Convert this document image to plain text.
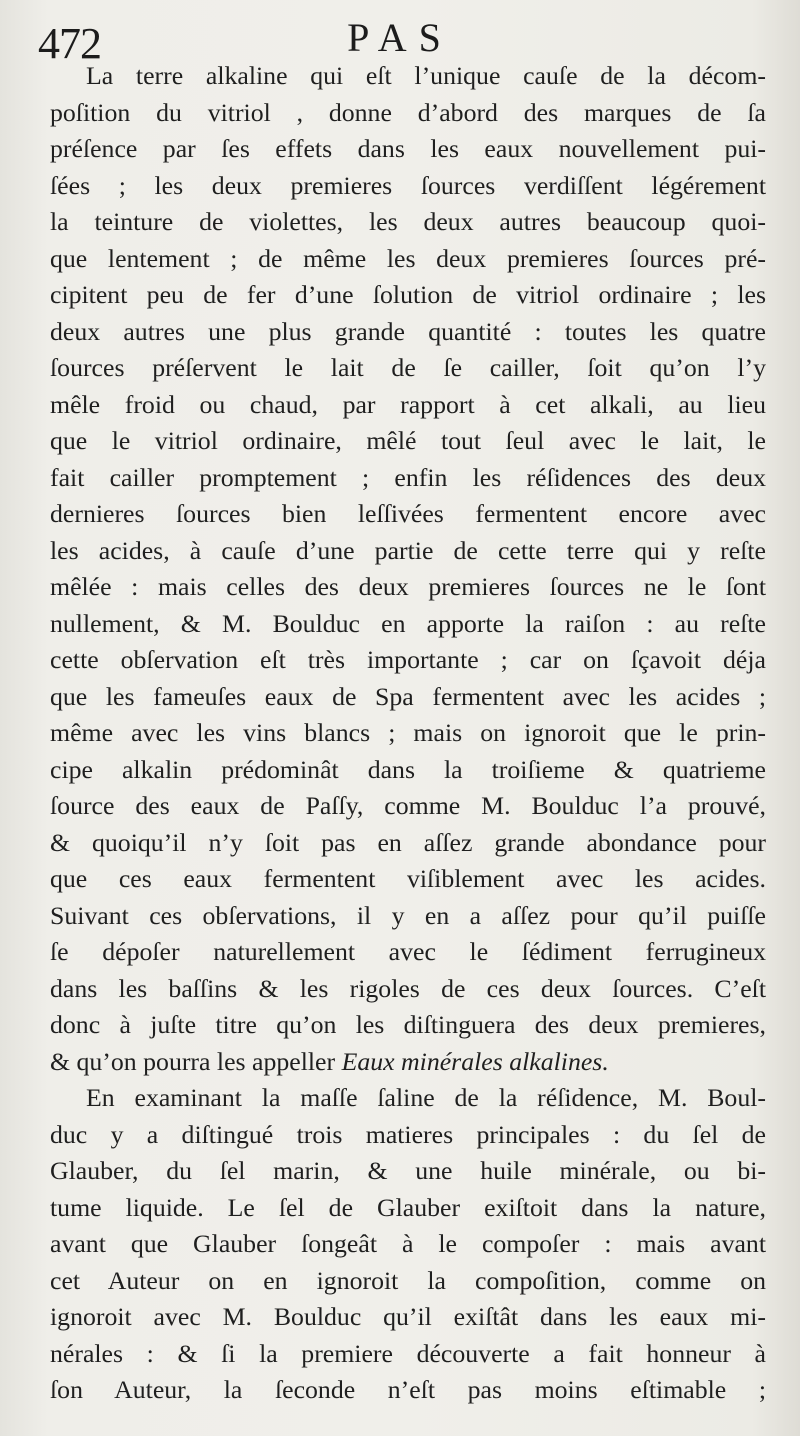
472	PAS
La terre alkaline qui eſt l’unique cauſe de la décom-
poſition du vitriol , donne d’abord des marques de ſa
préſence par ſes effets dans les eaux nouvellement pui-
ſées ; les deux premieres ſources verdiſſent légérement
la teinture de violettes, les deux autres beaucoup quoi-
que lentement ; de même les deux premieres ſources pré-
cipitent peu de fer d’une ſolution de vitriol ordinaire ; les
deux autres une plus grande quantité : toutes les quatre
ſources préſervent le lait de ſe cailler, ſoit qu’on l’y
mêle froid ou chaud, par rapport à cet alkali, au lieu
que le vitriol ordinaire, mêlé tout ſeul avec le lait, le
fait cailler promptement ; enfin les réſidences des deux
dernieres ſources bien leſſivées fermentent encore avec
les acides, à cauſe d’une partie de cette terre qui y reſte
mêlée : mais celles des deux premieres ſources ne le ſont
nullement, & M. Boulduc en apporte la raiſon : au reſte
cette obſervation eſt très importante ; car on ſçavoit déja
que les fameuſes eaux de Spa fermentent avec les acides ;
même avec les vins blancs ; mais on ignoroit que le prin-
cipe alkalin prédominât dans la troiſieme & quatrieme
ſource des eaux de Paſſy, comme M. Boulduc l’a prouvé,
& quoiqu’il n’y ſoit pas en aſſez grande abondance pour
que ces eaux fermentent viſiblement avec les acides.
Suivant ces obſervations, il y en a aſſez pour qu’il puiſſe
ſe dépoſer naturellement avec le ſédiment ferrugineux
dans les baſſins & les rigoles de ces deux ſources. C’eſt
donc à juſte titre qu’on les diſtinguera des deux premieres,
& qu’on pourra les appeller Eaux minérales alkalines.
En examinant la maſſe ſaline de la réſidence, M. Boul-
duc y a diſtingué trois matieres principales : du ſel de
Glauber, du ſel marin, & une huile minérale, ou bi-
tume liquide. Le ſel de Glauber exiſtoit dans la nature,
avant que Glauber ſongeât à le compoſer : mais avant
cet Auteur on en ignoroit la compoſition, comme on
ignoroit avec M. Boulduc qu’il exiſtât dans les eaux mi-
nérales : & ſi la premiere découverte a fait honneur à
ſon Auteur, la ſeconde n’eſt pas moins eſtimable ;
